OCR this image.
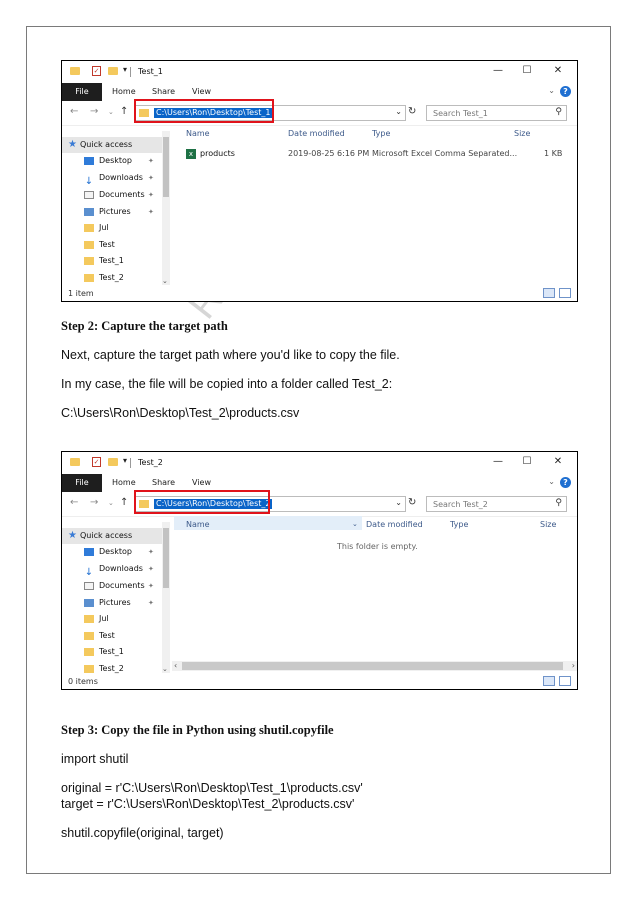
✓	▾	Test_1	— ☐ ✕
File	Home Share View	⌄	?
← → ⌄ ↑	C:\Users\Ron\Desktop\Test_1	⌄ ↻ Search Test_1	⚲
★ Quick access
Desktop ✦
↓ Downloads ✦
Documents ✦
Pictures ✦
Jul
Test
Test_1
Test_2	⌄
Name	Date modified	Type	Size
x products	2019-08-25 6:16 PM Microsoft Excel Comma Separated...	1 KB
1 item
Step 2: Capture the target path
Next, capture the target path where you'd like to copy the file.
In my case, the file will be copied into a folder called Test_2:
C:\Users\Ron\Desktop\Test_2\products.csv
✓	▾	Test_2	— ☐ ✕
File	Home Share View	⌄	?
← → ⌄ ↑	C:\Users\Ron\Desktop\Test_2	⌄ ↻ Search Test_2	⚲
★ Quick access
Desktop ✦
↓ Downloads ✦
Documents ✦
Pictures ✦
Jul
Test
Test_1
Test_2	⌄
Name	⌄ Date modified	Type	Size
This folder is empty.
‹	›
0 items
Step 3: Copy the file in Python using shutil.copyfile
import shutil
original = r'C:\Users\Ron\Desktop\Test_1\products.csv'
target = r'C:\Users\Ron\Desktop\Test_2\products.csv'
shutil.copyfile(original, target)
